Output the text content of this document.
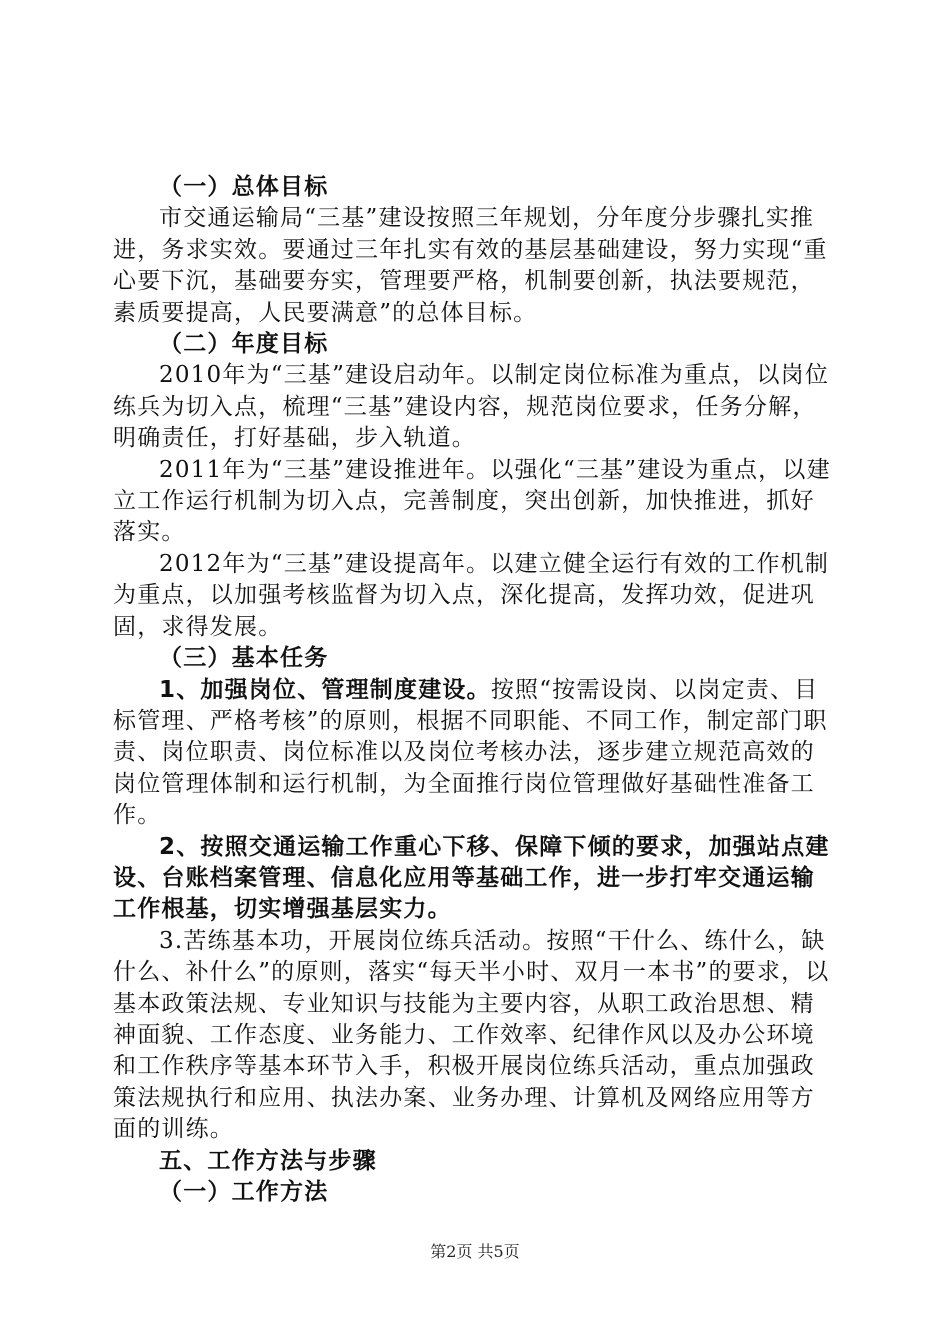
（一）总体目标

市交通运输局“三基”建设按照三年规划，分年度分步骤扎实推进，务求实效。要通过三年扎实有效的基层基础建设，努力实现“重心要下沉，基础要夯实，管理要严格，机制要创新，执法要规范，素质要提高，人民要满意”的总体目标。

（二）年度目标

2010年为“三基”建设启动年。以制定岗位标准为重点，以岗位练兵为切入点，梳理“三基”建设内容，规范岗位要求，任务分解，明确责任，打好基础，步入轨道。

2011年为“三基”建设推进年。以强化“三基”建设为重点，以建立工作运行机制为切入点，完善制度，突出创新，加快推进，抓好落实。

2012年为“三基”建设提高年。以建立健全运行有效的工作机制为重点，以加强考核监督为切入点，深化提高，发挥功效，促进巩固，求得发展。

（三）基本任务

1、加强岗位、管理制度建设。按照“按需设岗、以岗定责、目标管理、严格考核”的原则，根据不同职能、不同工作，制定部门职责、岗位职责、岗位标准以及岗位考核办法，逐步建立规范高效的岗位管理体制和运行机制，为全面推行岗位管理做好基础性准备工作。

2、按照交通运输工作重心下移、保障下倾的要求，加强站点建设、台账档案管理、信息化应用等基础工作，进一步打牢交通运输工作根基，切实增强基层实力。

3.苦练基本功，开展岗位练兵活动。按照“干什么、练什么，缺什么、补什么”的原则，落实“每天半小时、双月一本书”的要求，以基本政策法规、专业知识与技能为主要内容，从职工政治思想、精神面貌、工作态度、业务能力、工作效率、纪律作风以及办公环境和工作秩序等基本环节入手，积极开展岗位练兵活动，重点加强政策法规执行和应用、执法办案、业务办理、计算机及网络应用等方面的训练。

五、工作方法与步骤

（一）工作方法

第2页 共5页
